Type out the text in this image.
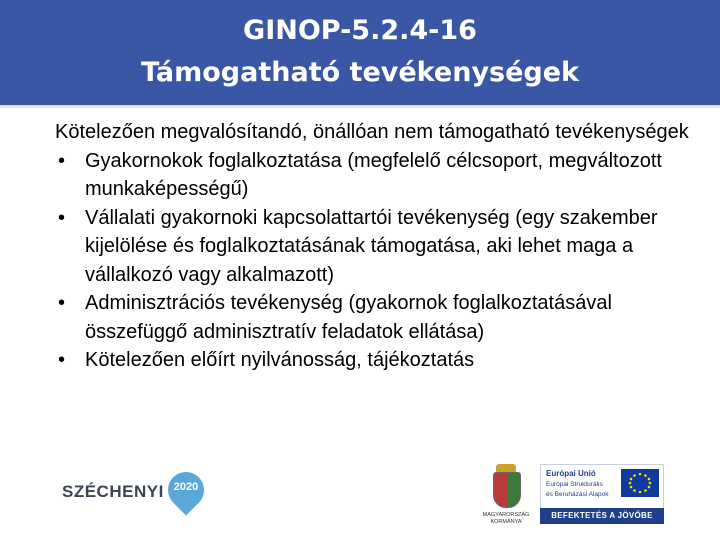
GINOP-5.2.4-16
Támogatható tevékenységek
Kötelezően megvalósítandó, önállóan nem támogatható tevékenységek
• Gyakornokok foglalkoztatása (megfelelő célcsoport, megváltozott munkaképességű)
• Vállalati gyakornoki kapcsolattartói tevékenység (egy szakember kijelölése és foglalkoztatásának támogatása, aki lehet maga a vállalkozó vagy alkalmazott)
• Adminisztrációs tevékenység (gyakornok foglalkoztatásával összefüggő adminisztratív feladatok ellátása)
• Kötelezően előírt nyilvánosság, tájékoztatás
SZÉCHENYI 2020
MAGYARORSZÁG
KORMÁNYA
Európai Unió
Európai Strukturális
és Beruházási Alapok
BEFEKTETÉS A JÖVŐBE
